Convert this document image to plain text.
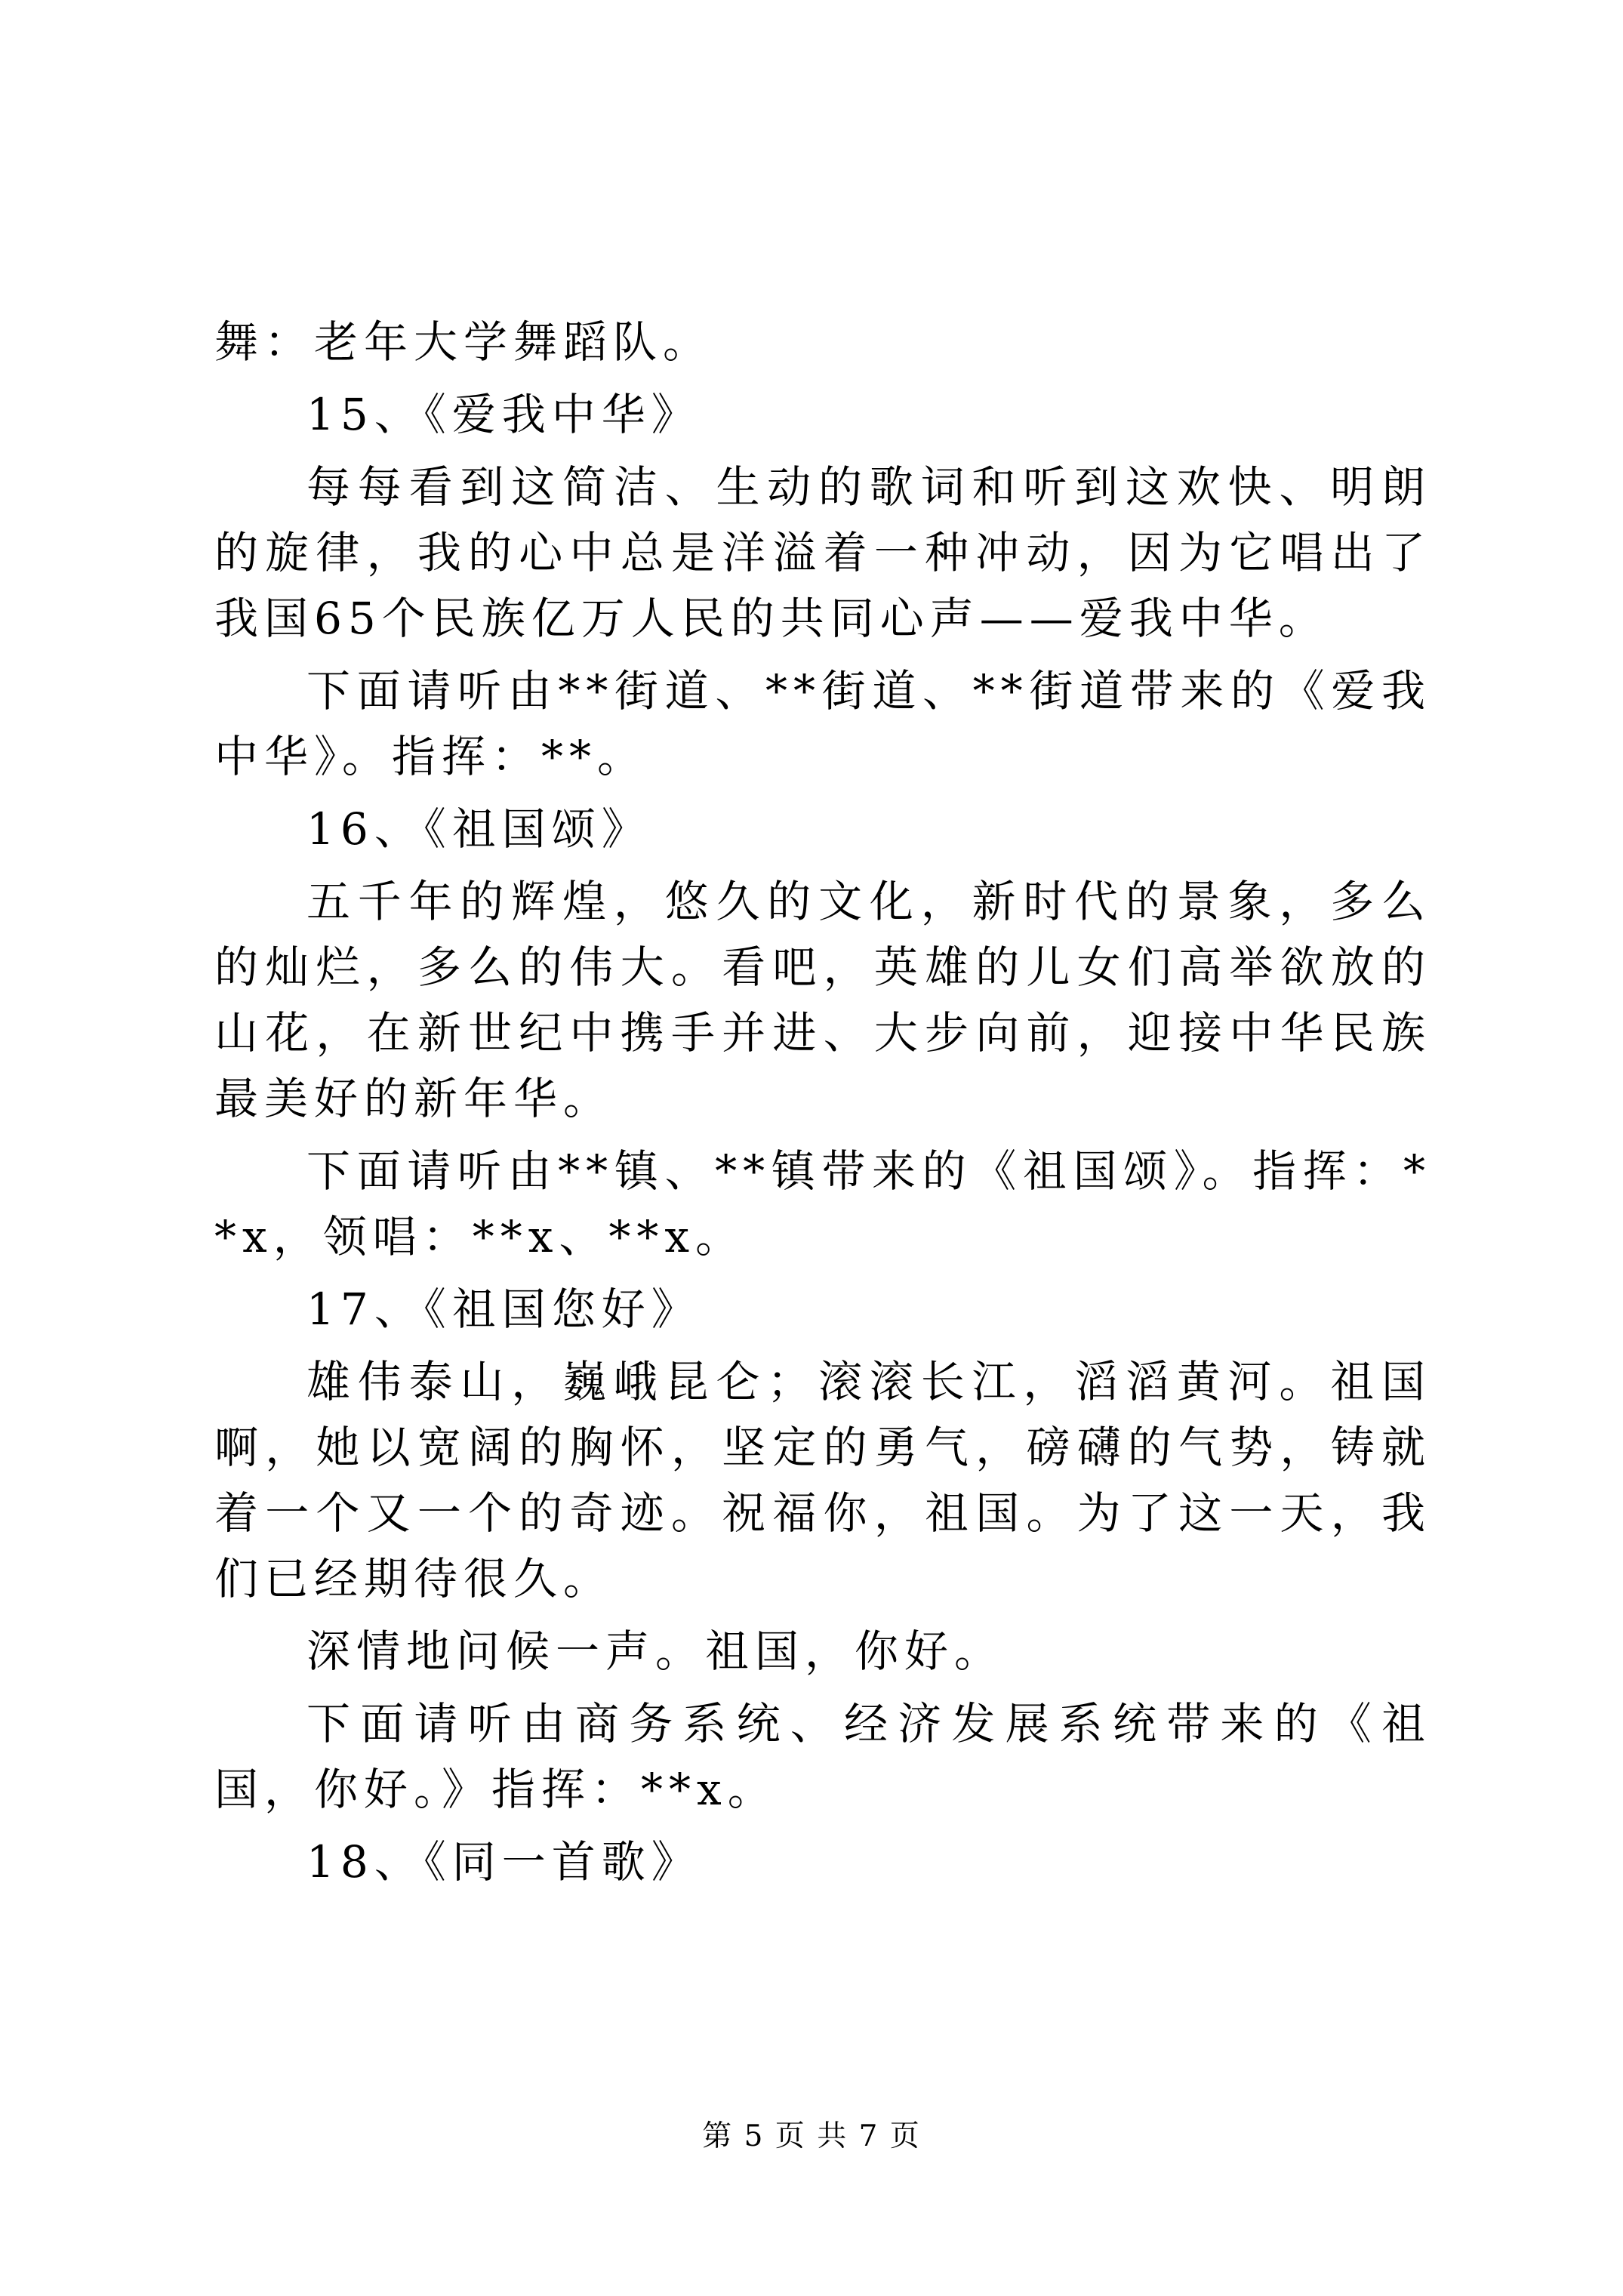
舞：老年大学舞蹈队。

15、《爱我中华》

每每看到这简洁、生动的歌词和听到这欢快、明朗的旋律，我的心中总是洋溢着一种冲动，因为它唱出了我国65个民族亿万人民的共同心声——爱我中华。

下面请听由**街道、**街道、**街道带来的《爱我中华》。指挥：**。

16、《祖国颂》

五千年的辉煌，悠久的文化，新时代的景象，多么的灿烂，多么的伟大。看吧，英雄的儿女们高举欲放的山花，在新世纪中携手并进、大步向前，迎接中华民族最美好的新年华。

下面请听由**镇、**镇带来的《祖国颂》。指挥：**x，领唱：**x、**x。

17、《祖国您好》

雄伟泰山，巍峨昆仑；滚滚长江，滔滔黄河。祖国啊，她以宽阔的胸怀，坚定的勇气，磅礴的气势，铸就着一个又一个的奇迹。祝福你，祖国。为了这一天，我们已经期待很久。

深情地问候一声。祖国，你好。

下面请听由商务系统、经济发展系统带来的《祖国，你好。》指挥：**x。

18、《同一首歌》

第 5 页 共 7 页
